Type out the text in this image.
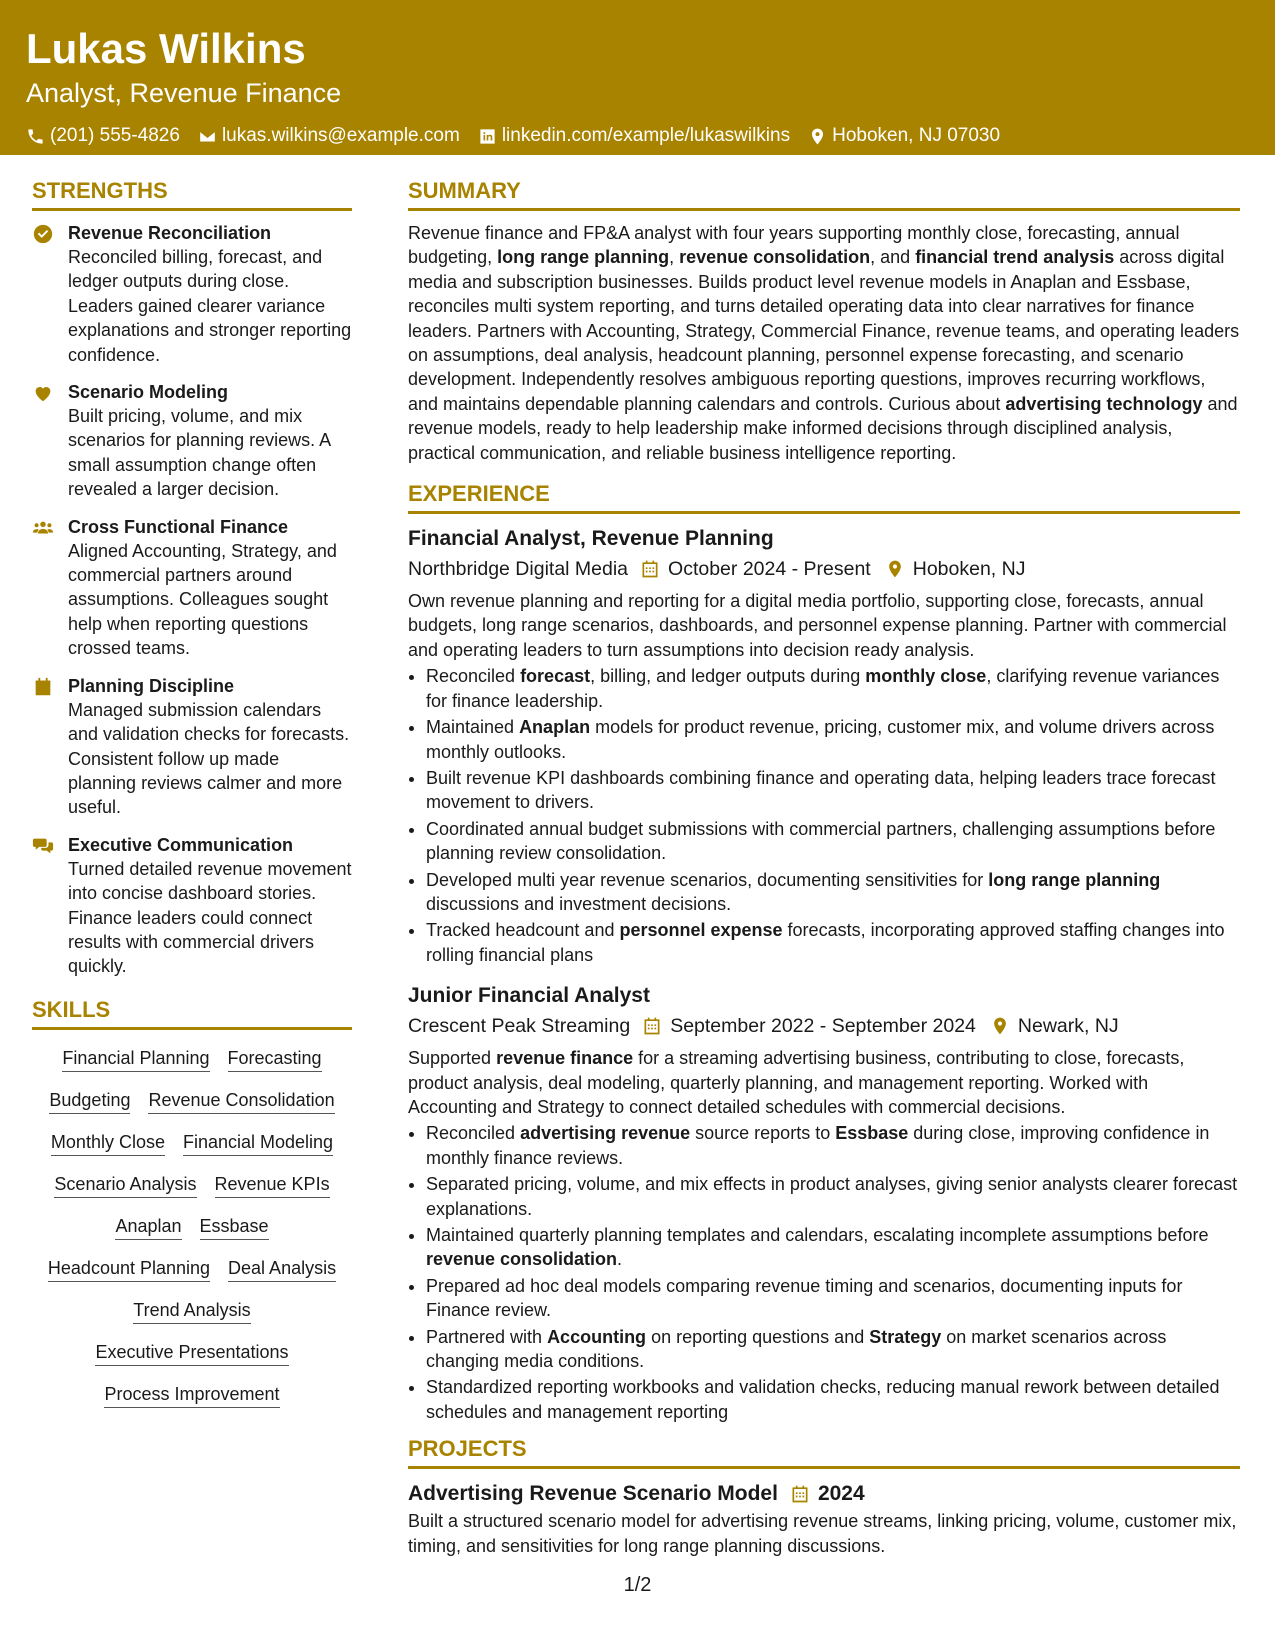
Lukas Wilkins
Analyst, Revenue Finance
(201) 555-4826 lukas.wilkins@example.com linkedin.com/example/lukaswilkins Hoboken, NJ 07030
STRENGTHS
Revenue Reconciliation
Reconciled billing, forecast, and ledger outputs during close. Leaders gained clearer variance explanations and stronger reporting confidence.
Scenario Modeling
Built pricing, volume, and mix scenarios for planning reviews. A small assumption change often revealed a larger decision.
Cross Functional Finance
Aligned Accounting, Strategy, and commercial partners around assumptions. Colleagues sought help when reporting questions crossed teams.
Planning Discipline
Managed submission calendars and validation checks for forecasts. Consistent follow up made planning reviews calmer and more useful.
Executive Communication
Turned detailed revenue movement into concise dashboard stories. Finance leaders could connect results with commercial drivers quickly.
SKILLS
Financial Planning Forecasting
Budgeting Revenue Consolidation
Monthly Close Financial Modeling
Scenario Analysis Revenue KPIs
Anaplan Essbase
Headcount Planning Deal Analysis
Trend Analysis
Executive Presentations
Process Improvement
SUMMARY
Revenue finance and FP&A analyst with four years supporting monthly close, forecasting, annual budgeting, long range planning, revenue consolidation, and financial trend analysis across digital media and subscription businesses. Builds product level revenue models in Anaplan and Essbase, reconciles multi system reporting, and turns detailed operating data into clear narratives for finance leaders. Partners with Accounting, Strategy, Commercial Finance, revenue teams, and operating leaders on assumptions, deal analysis, headcount planning, personnel expense forecasting, and scenario development. Independently resolves ambiguous reporting questions, improves recurring workflows, and maintains dependable planning calendars and controls. Curious about advertising technology and revenue models, ready to help leadership make informed decisions through disciplined analysis, practical communication, and reliable business intelligence reporting.
EXPERIENCE
Financial Analyst, Revenue Planning
Northbridge Digital Media October 2024 - Present Hoboken, NJ
Own revenue planning and reporting for a digital media portfolio, supporting close, forecasts, annual budgets, long range scenarios, dashboards, and personnel expense planning. Partner with commercial and operating leaders to turn assumptions into decision ready analysis.
• Reconciled forecast, billing, and ledger outputs during monthly close, clarifying revenue variances for finance leadership.
• Maintained Anaplan models for product revenue, pricing, customer mix, and volume drivers across monthly outlooks.
• Built revenue KPI dashboards combining finance and operating data, helping leaders trace forecast movement to drivers.
• Coordinated annual budget submissions with commercial partners, challenging assumptions before planning review consolidation.
• Developed multi year revenue scenarios, documenting sensitivities for long range planning discussions and investment decisions.
• Tracked headcount and personnel expense forecasts, incorporating approved staffing changes into rolling financial plans
Junior Financial Analyst
Crescent Peak Streaming September 2022 - September 2024 Newark, NJ
Supported revenue finance for a streaming advertising business, contributing to close, forecasts, product analysis, deal modeling, quarterly planning, and management reporting. Worked with Accounting and Strategy to connect detailed schedules with commercial decisions.
• Reconciled advertising revenue source reports to Essbase during close, improving confidence in monthly finance reviews.
• Separated pricing, volume, and mix effects in product analyses, giving senior analysts clearer forecast explanations.
• Maintained quarterly planning templates and calendars, escalating incomplete assumptions before revenue consolidation.
• Prepared ad hoc deal models comparing revenue timing and scenarios, documenting inputs for Finance review.
• Partnered with Accounting on reporting questions and Strategy on market scenarios across changing media conditions.
• Standardized reporting workbooks and validation checks, reducing manual rework between detailed schedules and management reporting
PROJECTS
Advertising Revenue Scenario Model 2024
Built a structured scenario model for advertising revenue streams, linking pricing, volume, customer mix, timing, and sensitivities for long range planning discussions.
1/2
